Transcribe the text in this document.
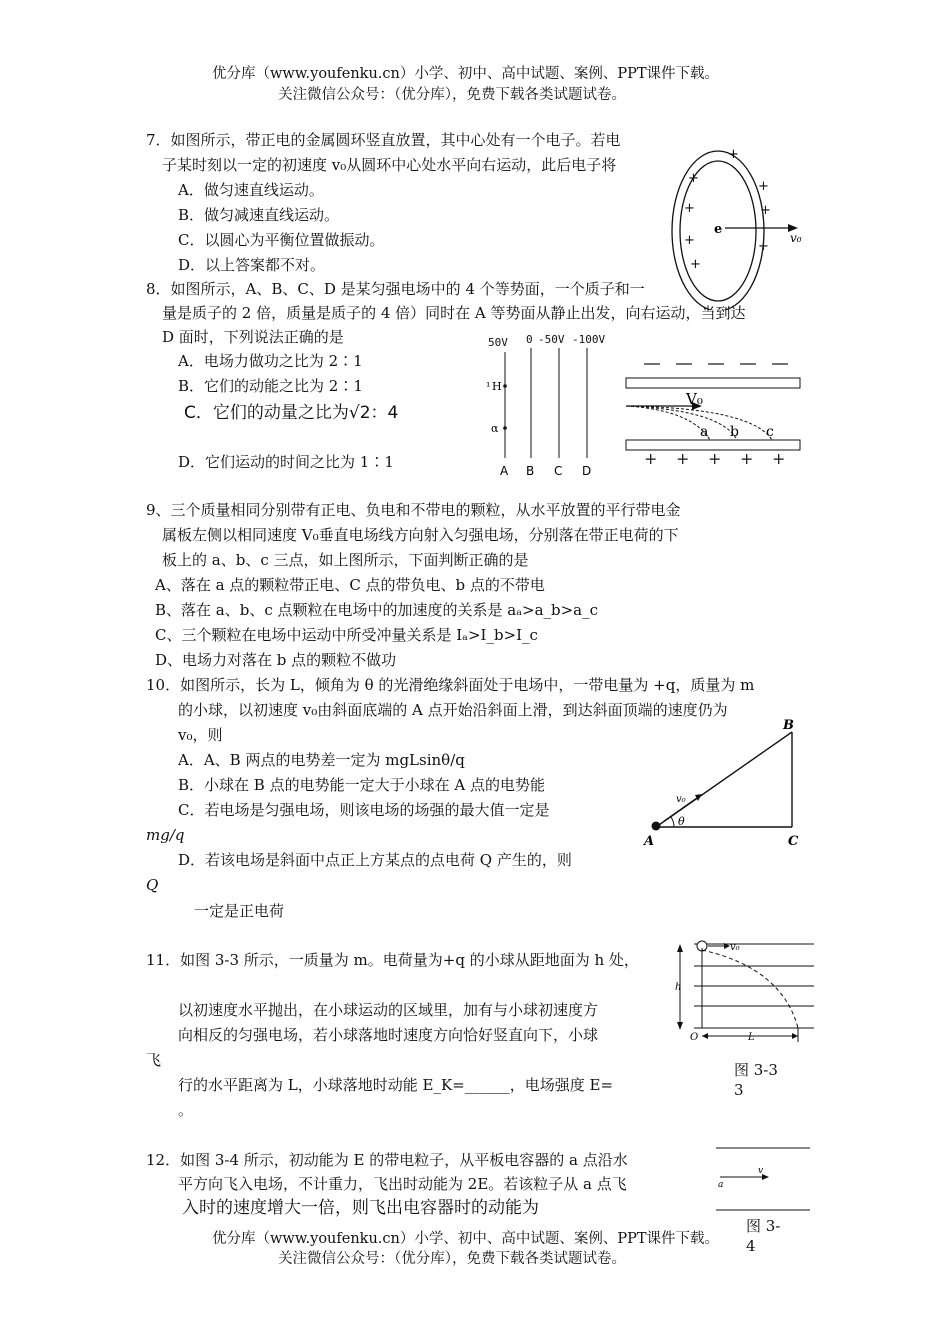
优分库（www.youfenku.cn）小学、初中、高中试题、案例、PPT课件下载。
关注微信公众号：（优分库），免费下载各类试题试卷。
7．如图所示，带正电的金属圆环竖直放置，其中心处有一个电子。若电
子某时刻以一定的初速度 v₀从圆环中心处水平向右运动，此后电子将
A．做匀速直线运动。
B．做匀减速直线运动。
C．以圆心为平衡位置做振动。
D．以上答案都不对。
+
+
+
+	+
+	+
+
e
v₀
8．如图所示，A、B、C、D 是某匀强电场中的 4 个等势面，一个质子和一
量是质子的 2 倍，质量是质子的 4 倍）同时在 A 等势面从静止出发，向右运动，当到达
D 面时，下列说法正确的是
A．电场力做功之比为 2∶1
B．它们的动能之比为 2∶1
C．它们的动量之比为√2：4
D．它们运动的时间之比为 1∶1
50V 0 -50V -100V
¹ H
α
A B C D
V₀
a b c
+ + + + +
9、三个质量相同分别带有正电、负电和不带电的颗粒，从水平放置的平行带电金
属板左侧以相同速度 V₀垂直电场线方向射入匀强电场，分别落在带正电荷的下
板上的 a、b、c 三点，如上图所示，下面判断正确的是
A、落在 a 点的颗粒带正电、C 点的带负电、b 点的不带电
B、落在 a、b、c 点颗粒在电场中的加速度的关系是 aₐ>a_b>a_c
C、三个颗粒在电场中运动中所受冲量关系是 Iₐ>I_b>I_c
D、电场力对落在 b 点的颗粒不做功
10．如图所示，长为 L，倾角为 θ 的光滑绝缘斜面处于电场中，一带电量为 +q，质量为 m
的小球，以初速度 v₀由斜面底端的 A 点开始沿斜面上滑，到达斜面顶端的速度仍为
v₀，则
A．A、B 两点的电势差一定为 mgLsinθ/q
B．小球在 B 点的电势能一定大于小球在 A 点的电势能
C．若电场是匀强电场，则该电场的场强的最大值一定是
mg/q
D．若该电场是斜面中点正上方某点的点电荷 Q 产生的，则
Q
一定是正电荷
v₀
θ
A
B
C
11．如图 3-3 所示，一质量为 m。电荷量为+q 的小球从距地面为 h 处，
以初速度水平抛出，在小球运动的区域里，加有与小球初速度方
向相反的匀强电场，若小球落地时速度方向恰好竖直向下，小球
飞
行的水平距离为 L，小球落地时动能 E_K=______，电场强度 E=
。
v₀
h
O	L
图 3-3
3
12．如图 3-4 所示，初动能为 E 的带电粒子，从平板电容器的 a 点沿水
平方向飞入电场，不计重力，飞出时动能为 2E。若该粒子从 a 点飞
入时的速度增大一倍，则飞出电容器时的动能为
v
a
图 3-
4
优分库（www.youfenku.cn）小学、初中、高中试题、案例、PPT课件下载。
关注微信公众号：（优分库），免费下载各类试题试卷。
